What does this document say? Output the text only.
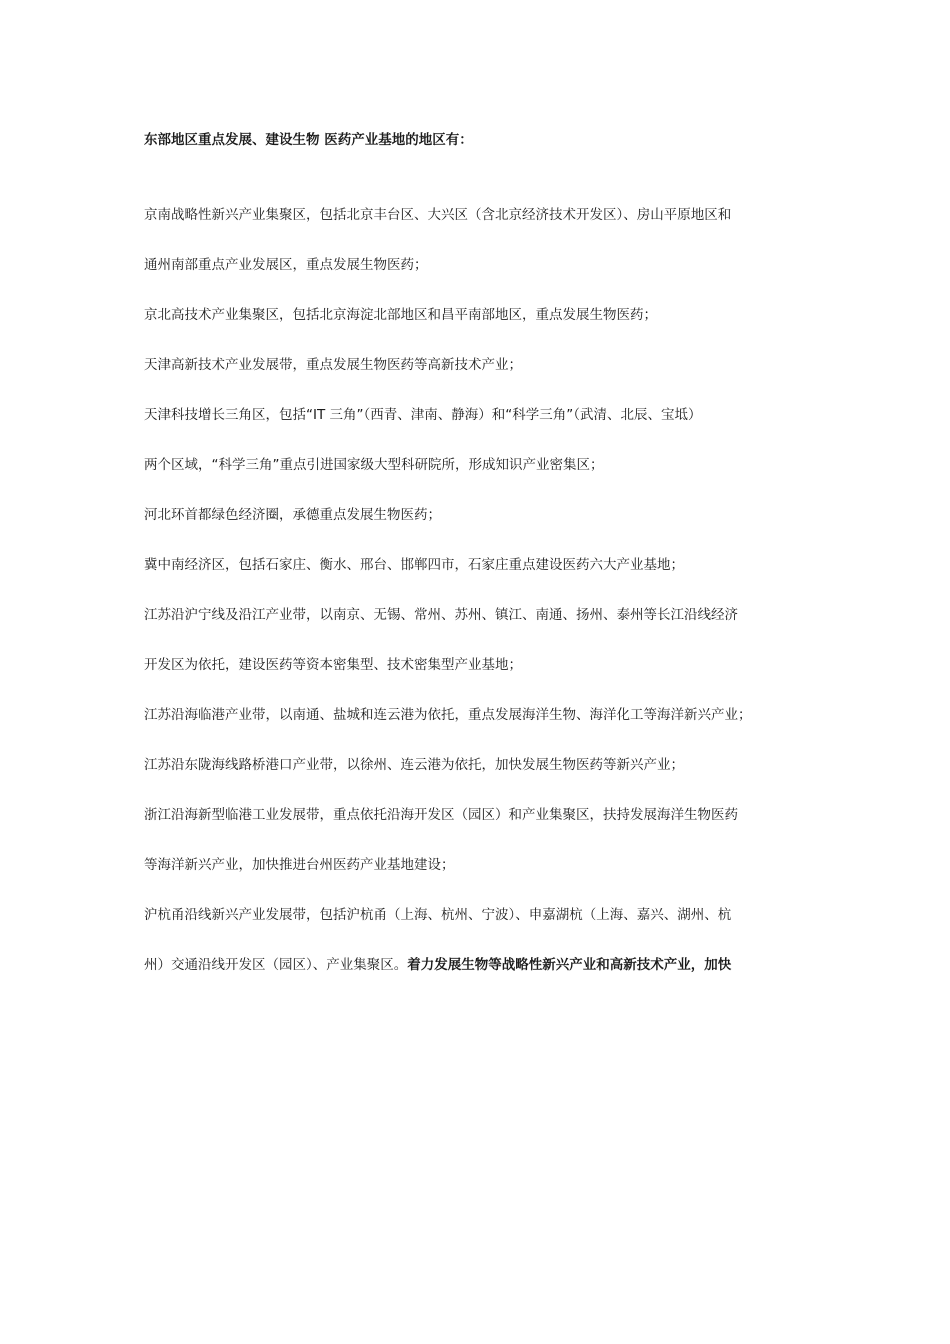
东部地区重点发展、建设生物 医药产业基地的地区有：
京南战略性新兴产业集聚区，包括北京丰台区、大兴区（含北京经济技术开发区）、房山平原地区和
通州南部重点产业发展区，重点发展生物医药；
京北高技术产业集聚区，包括北京海淀北部地区和昌平南部地区，重点发展生物医药；
天津高新技术产业发展带，重点发展生物医药等高新技术产业；
天津科技增长三角区，包括“IT 三角”（西青、津南、静海）和“科学三角”（武清、北辰、宝坻）
两个区域，“科学三角”重点引进国家级大型科研院所，形成知识产业密集区；
河北环首都绿色经济圈，承德重点发展生物医药；
冀中南经济区，包括石家庄、衡水、邢台、邯郸四市，石家庄重点建设医药六大产业基地；
江苏沿沪宁线及沿江产业带，以南京、无锡、常州、苏州、镇江、南通、扬州、泰州等长江沿线经济
开发区为依托，建设医药等资本密集型、技术密集型产业基地；
江苏沿海临港产业带，以南通、盐城和连云港为依托，重点发展海洋生物、海洋化工等海洋新兴产业；
江苏沿东陇海线路桥港口产业带，以徐州、连云港为依托，加快发展生物医药等新兴产业；
浙江沿海新型临港工业发展带，重点依托沿海开发区（园区）和产业集聚区，扶持发展海洋生物医药
等海洋新兴产业，加快推进台州医药产业基地建设；
沪杭甬沿线新兴产业发展带，包括沪杭甬（上海、杭州、宁波）、申嘉湖杭（上海、嘉兴、湖州、杭
州）交通沿线开发区（园区）、产业集聚区。着力发展生物等战略性新兴产业和高新技术产业，加快
